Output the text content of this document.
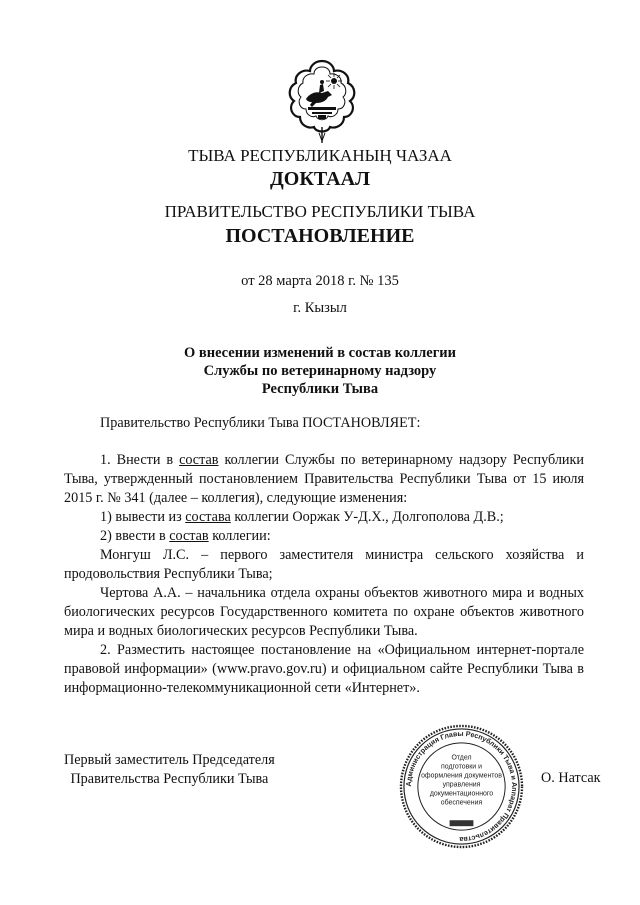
ТЫВА РЕСПУБЛИКАНЫҢ ЧАЗАА
ДОКТААЛ
ПРАВИТЕЛЬСТВО РЕСПУБЛИКИ ТЫВА
ПОСТАНОВЛЕНИЕ
от 28 марта 2018 г. № 135
г. Кызыл
О внесении изменений в состав коллегии
Службы по ветеринарному надзору
Республики Тыва

Правительство Республики Тыва ПОСТАНОВЛЯЕТ:

1. Внести в состав коллегии Службы по ветеринарному надзору Республики Тыва, утвержденный постановлением Правительства Республики Тыва от 15 июля 2015 г. № 341 (далее – коллегия), следующие изменения:

1) вывести из состава коллегии Ооржак У-Д.Х., Долгополова Д.В.;

2) ввести в состав коллегии:

Монгуш Л.С. – первого заместителя министра сельского хозяйства и продовольствия Республики Тыва;

Чертова А.А. – начальника отдела охраны объектов животного мира и водных биологических ресурсов Государственного комитета по охране объектов животного мира и водных биологических ресурсов Республики Тыва.

2. Разместить настоящее постановление на «Официальном интернет-портале правовой информации» (www.pravo.gov.ru) и официальном сайте Республики Тыва в информационно-телекоммуникационной сети «Интернет».

Первый заместитель Председателя
Правительства Республики Тыва	Администрация Главы Республики Тыва и Аппарат Правительства
Отдел
подготовки и
оформления документов
управления
документационного
обеспечения
О. Натсак
